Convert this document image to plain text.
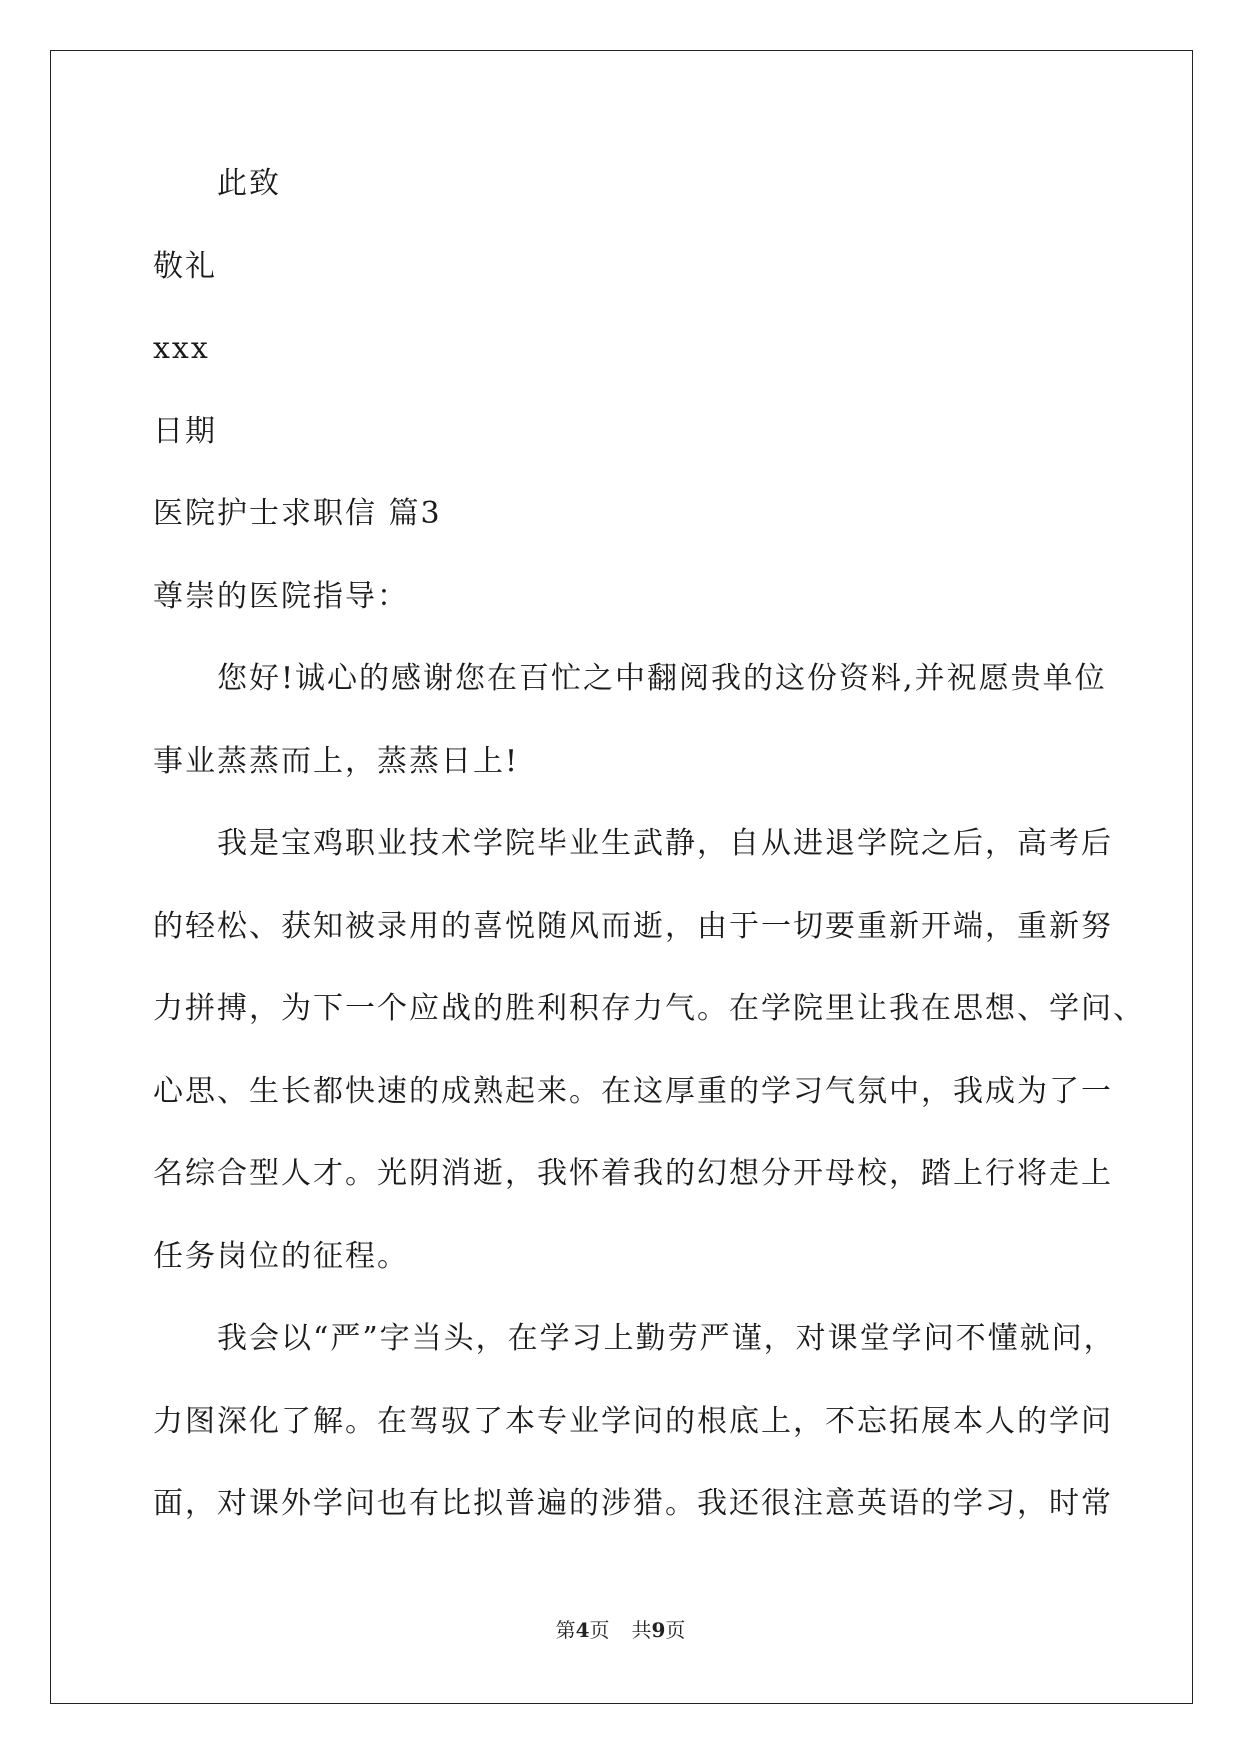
此致

敬礼

xxx

日期

医院护士求职信 篇3

尊崇的医院指导：

您好!诚心的感谢您在百忙之中翻阅我的这份资料,并祝愿贵单位

事业蒸蒸而上，蒸蒸日上!

我是宝鸡职业技术学院毕业生武静，自从进退学院之后，高考后

的轻松、获知被录用的喜悦随风而逝，由于一切要重新开端，重新努

力拼搏，为下一个应战的胜利积存力气。在学院里让我在思想、学问、

心思、生长都快速的成熟起来。在这厚重的学习气氛中，我成为了一

名综合型人才。光阴消逝，我怀着我的幻想分开母校，踏上行将走上

任务岗位的征程。

我会以“严”字当头，在学习上勤劳严谨，对课堂学问不懂就问，

力图深化了解。在驾驭了本专业学问的根底上，不忘拓展本人的学问

面，对课外学问也有比拟普遍的涉猎。我还很注意英语的学习，时常

第4页 共9页
